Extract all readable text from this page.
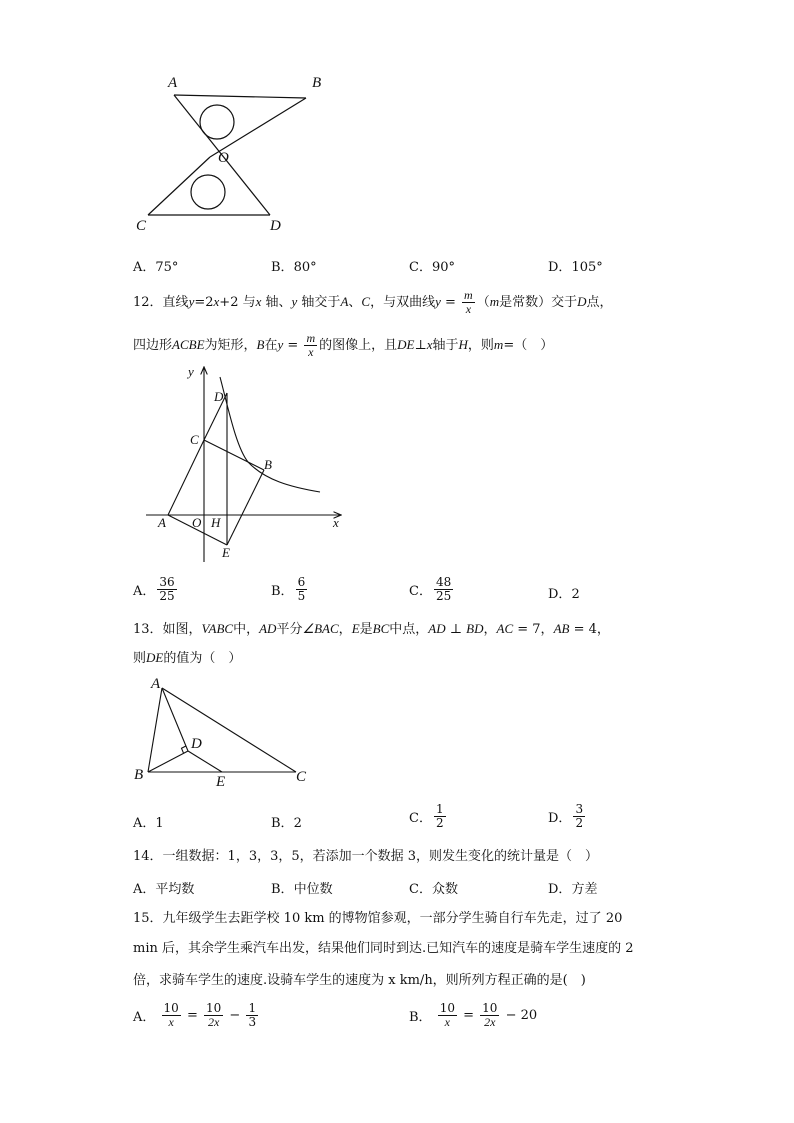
A	B
O
C	D
A．75°	B．80°	C．90°	D．105°
12．直线y=2x+2 与x 轴、y 轴交于A、C，与双曲线$y = \frac{m}{x} (m$是常数）交于D点，
四边形ACBE为矩形，B在$y = \frac{m}{x}$ 的图像上，且DE⊥x轴于H，则m=（　）
y
x
D
C
B
A O H
E
A． $\frac{36}{25}$	B． $\frac{6}{5}$	C． $\frac{48}{25}$	D．2
13．如图，VABC中，AD平分∠BAC，E是BC中点，AD ⊥ BD，AC = 7，AB = 4，
则DE的值为（　）
A
D
B	E	C
A．1	B．2	C． $\frac{1}{2}$	D． $\frac{3}{2}$
14．一组数据：1，3，3，5，若添加一个数据 3，则发生变化的统计量是（　）
A．平均数	B．中位数	C．众数	D．方差
15．九年级学生去距学校 10 km 的博物馆参观，一部分学生骑自行车先走，过了 20
min 后，其余学生乘汽车出发，结果他们同时到达.已知汽车的速度是骑车学生速度的 2
倍，求骑车学生的速度.设骑车学生的速度为 x km/h，则所列方程正确的是(　)
A． $\frac{10}{x} = \frac{10}{2x} - \frac{1}{3}$	B． $\frac{10}{x} = \frac{10}{2x} - 20$
